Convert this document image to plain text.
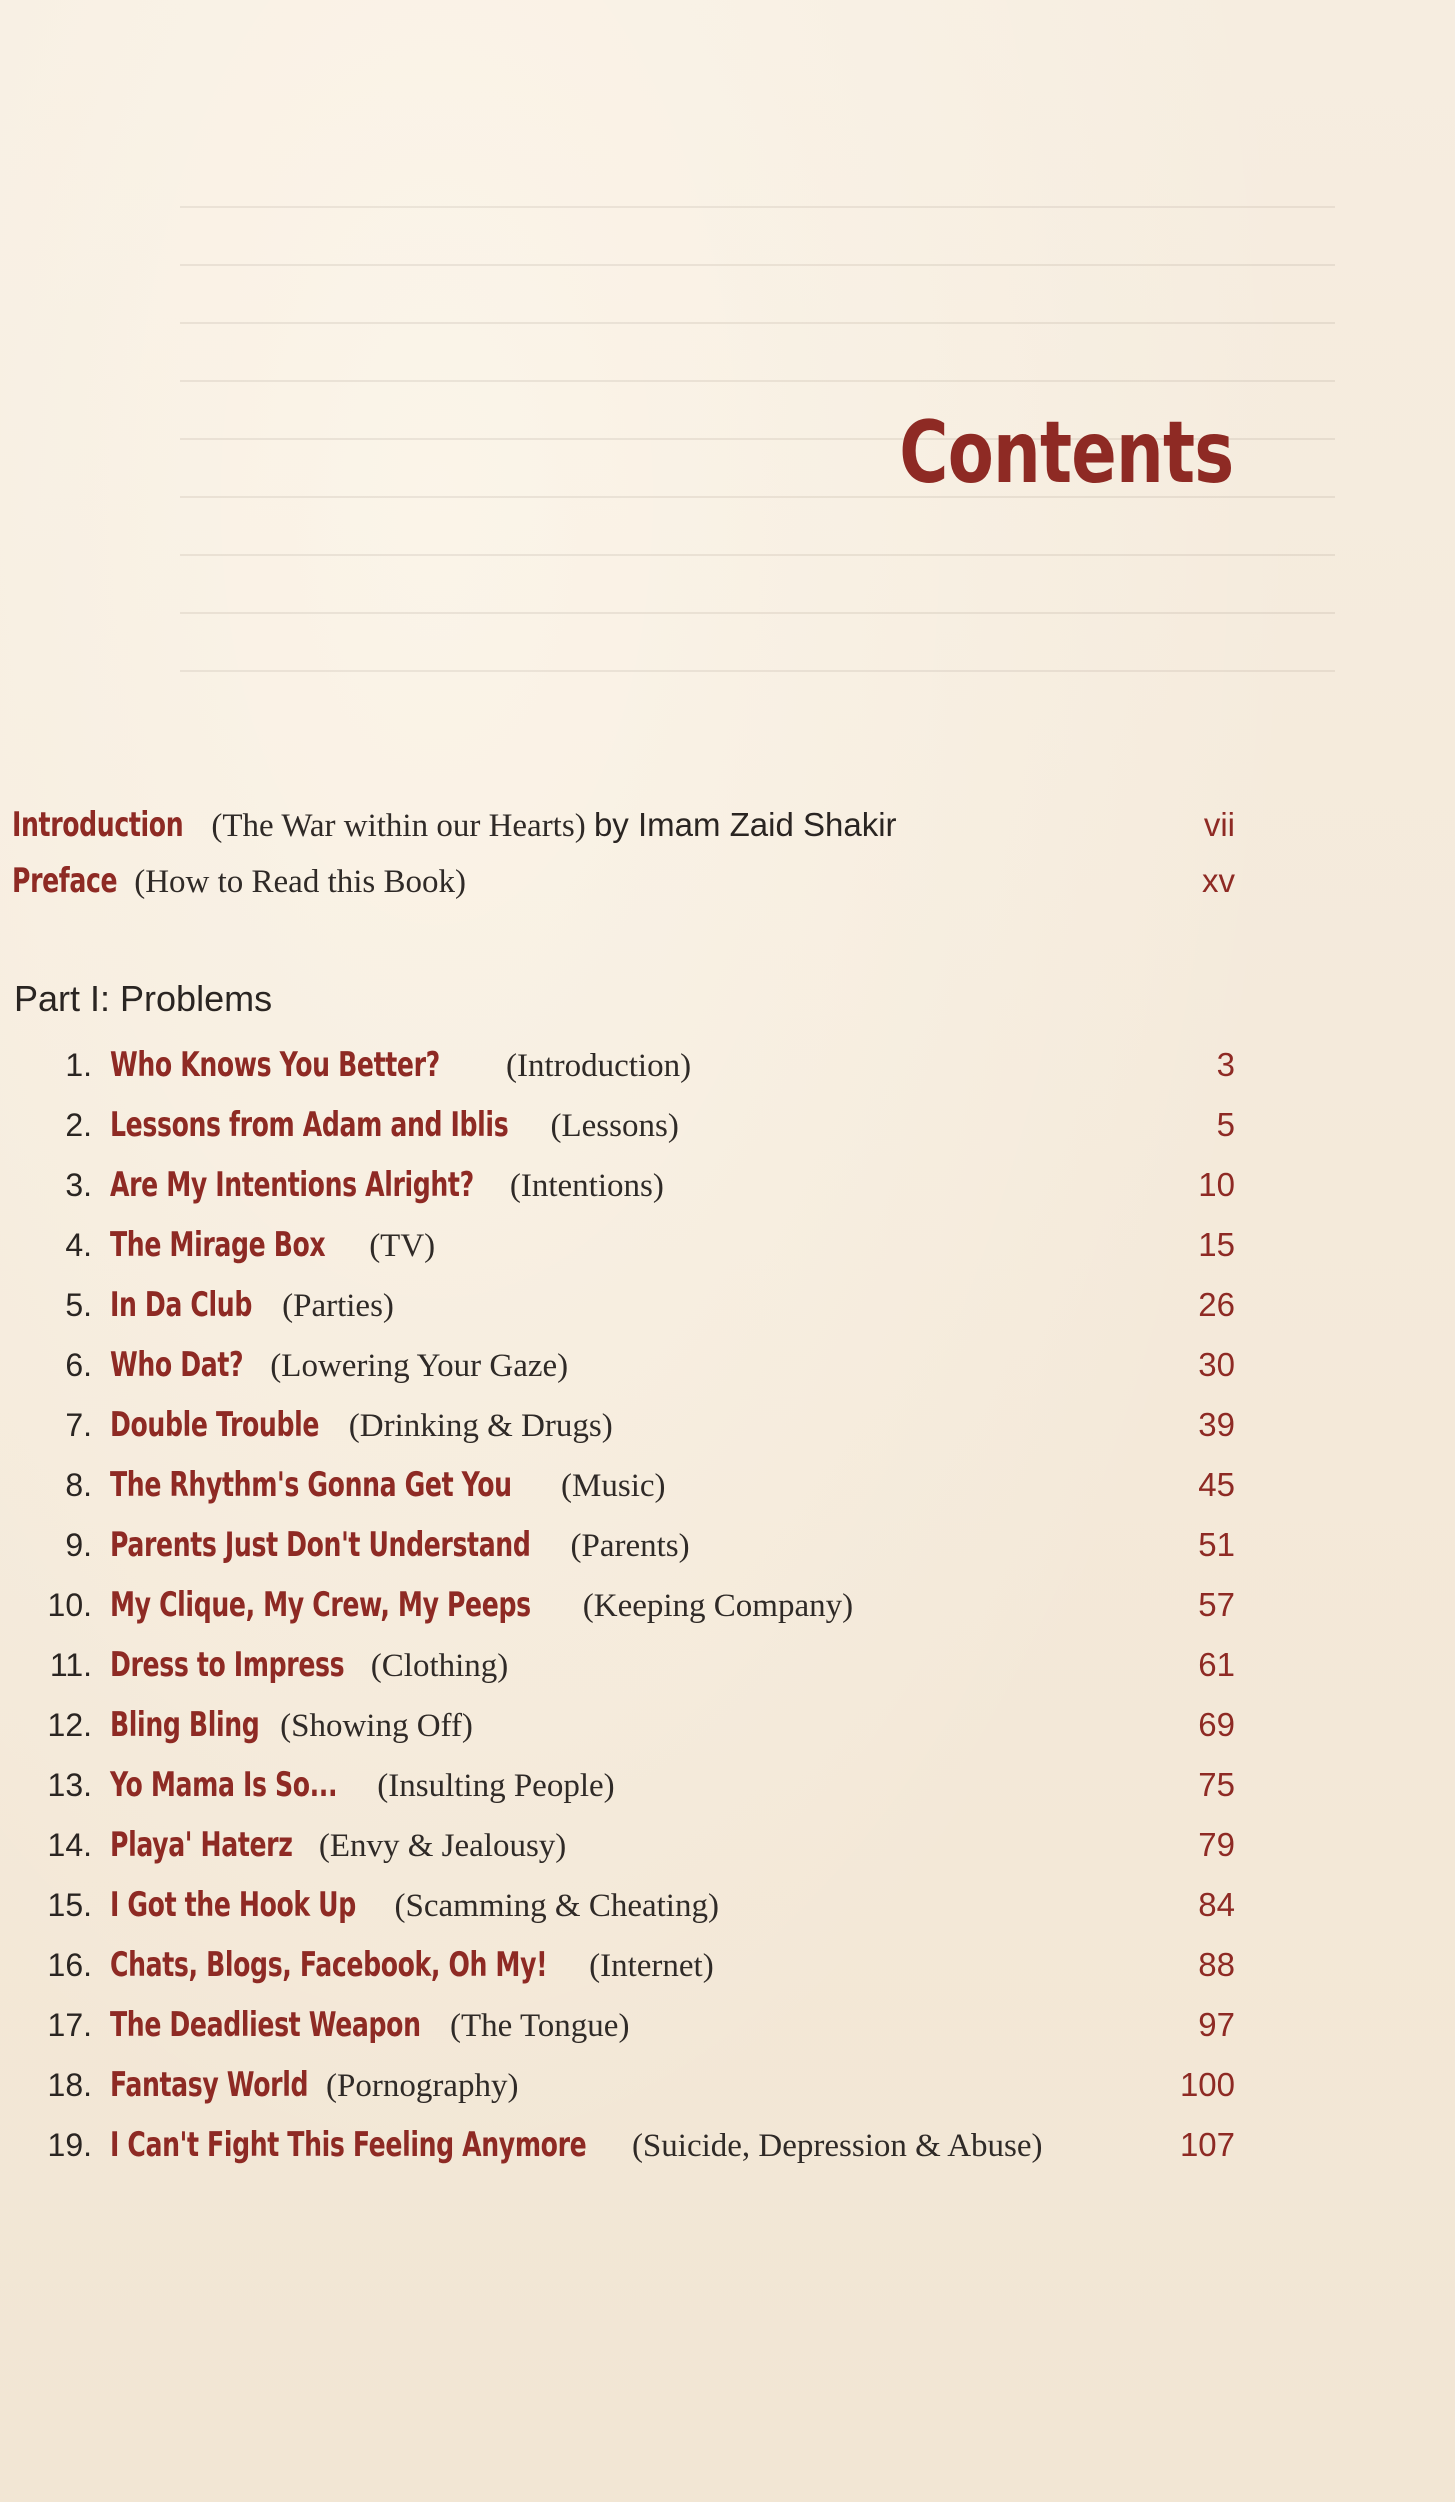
Contents
Introduction (The War within our Hearts) by Imam Zaid Shakir	vii
Preface (How to Read this Book)	xv
Part I: Problems
1. Who Knows You Better? (Introduction)	3
2. Lessons from Adam and Iblis (Lessons)	5
3. Are My Intentions Alright? (Intentions)	10
4. The Mirage Box (TV)	15
5. In Da Club (Parties)	26
6. Who Dat? (Lowering Your Gaze)	30
7. Double Trouble (Drinking & Drugs)	39
8. The Rhythm's Gonna Get You (Music)	45
9. Parents Just Don't Understand (Parents)	51
10. My Clique, My Crew, My Peeps (Keeping Company)	57
11. Dress to Impress (Clothing)	61
12. Bling Bling (Showing Off)	69
13. Yo Mama Is So... (Insulting People)	75
14. Playa' Haterz (Envy & Jealousy)	79
15. I Got the Hook Up (Scamming & Cheating)	84
16. Chats, Blogs, Facebook, Oh My! (Internet)	88
17. The Deadliest Weapon (The Tongue)	97
18. Fantasy World (Pornography)	100
19. I Can't Fight This Feeling Anymore (Suicide, Depression & Abuse)	107
